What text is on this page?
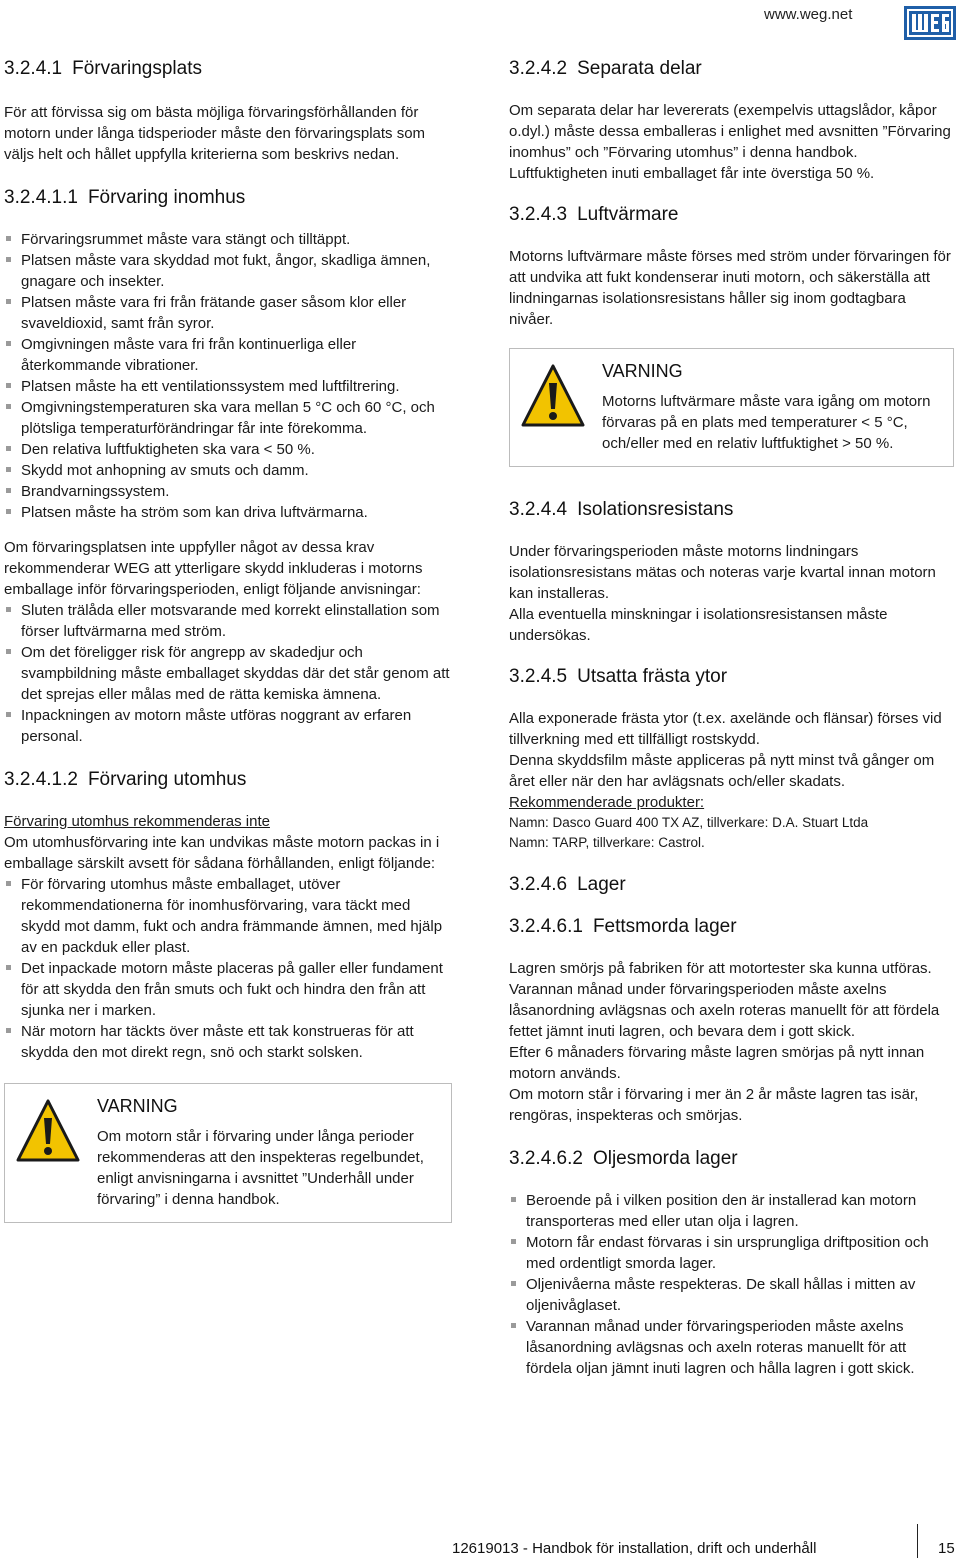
www.weg.net
3.2.4.1 Förvaringsplats

För att förvissa sig om bästa möjliga förvaringsförhållanden för motorn under långa tidsperioder måste den förvaringsplats som väljs helt och hållet uppfylla kriterierna som beskrivs nedan.

3.2.4.1.1 Förvaring inomhus
Förvaringsrummet måste vara stängt och tilltäppt.
Platsen måste vara skyddad mot fukt, ångor, skadliga ämnen, gnagare och insekter.
Platsen måste vara fri från frätande gaser såsom klor eller svaveldioxid, samt från syror.
Omgivningen måste vara fri från kontinuerliga eller återkommande vibrationer.
Platsen måste ha ett ventilationssystem med luftfiltrering.
Omgivningstemperaturen ska vara mellan 5 °C och 60 °C, och plötsliga temperaturförändringar får inte förekomma.
Den relativa luftfuktigheten ska vara < 50 %.
Skydd mot anhopning av smuts och damm.
Brandvarningssystem.
Platsen måste ha ström som kan driva luftvärmarna.

Om förvaringsplatsen inte uppfyller något av dessa krav rekommenderar WEG att ytterligare skydd inkluderas i motorns emballage inför förvaringsperioden, enligt följande anvisningar:

Sluten trälåda eller motsvarande med korrekt elinstallation som förser luftvärmarna med ström.
Om det föreligger risk för angrepp av skadedjur och svampbildning måste emballaget skyddas där det står genom att det sprejas eller målas med de rätta kemiska ämnena.
Inpackningen av motorn måste utföras noggrant av erfaren personal.
3.2.4.1.2 Förvaring utomhus

Förvaring utomhus rekommenderas inte

Om utomhusförvaring inte kan undvikas måste motorn packas in i emballage särskilt avsett för sådana förhållanden, enligt följande:

För förvaring utomhus måste emballaget, utöver rekommendationerna för inomhusförvaring, vara täckt med skydd mot damm, fukt och andra främmande ämnen, med hjälp av en packduk eller plast.
Det inpackade motorn måste placeras på galler eller fundament för att skydda den från smuts och fukt och hindra den från att sjunka ner i marken.
När motorn har täckts över måste ett tak konstrueras för att skydda den mot direkt regn, snö och starkt solsken.
VARNING

Om motorn står i förvaring under långa perioder rekommenderas att den inspekteras regelbundet, enligt anvisningarna i avsnittet ”Underhåll under förvaring” i denna handbok.

3.2.4.2 Separata delar

Om separata delar har levererats (exempelvis uttagslådor, kåpor o.dyl.) måste dessa emballeras i enlighet med avsnitten ”Förvaring inomhus” och ”Förvaring utomhus” i denna handbok.

Luftfuktigheten inuti emballaget får inte överstiga 50 %.

3.2.4.3 Luftvärmare

Motorns luftvärmare måste förses med ström under förvaringen för att undvika att fukt kondenserar inuti motorn, och säkerställa att lindningarnas isolationsresistans håller sig inom godtagbara nivåer.

VARNING

Motorns luftvärmare måste vara igång om motorn förvaras på en plats med temperaturer < 5 °C, och/eller med en relativ luftfuktighet > 50 %.

3.2.4.4 Isolationsresistans

Under förvaringsperioden måste motorns lindningars isolationsresistans mätas och noteras varje kvartal innan motorn kan installeras.

Alla eventuella minskningar i isolationsresistansen måste undersökas.

3.2.4.5 Utsatta frästa ytor

Alla exponerade frästa ytor (t.ex. axelände och flänsar) förses vid tillverkning med ett tillfälligt rostskydd.

Denna skyddsfilm måste appliceras på nytt minst två gånger om året eller när den har avlägsnats och/eller skadats.

Rekommenderade produkter:

Namn: Dasco Guard 400 TX AZ, tillverkare: D.A. Stuart Ltda

Namn: TARP, tillverkare: Castrol.

3.2.4.6 Lager
3.2.4.6.1 Fettsmorda lager

Lagren smörjs på fabriken för att motortester ska kunna utföras.

Varannan månad under förvaringsperioden måste axelns låsanordning avlägsnas och axeln roteras manuellt för att fördela fettet jämnt inuti lagren, och bevara dem i gott skick.

Efter 6 månaders förvaring måste lagren smörjas på nytt innan motorn används.

Om motorn står i förvaring i mer än 2 år måste lagren tas isär, rengöras, inspekteras och smörjas.

3.2.4.6.2 Oljesmorda lager
Beroende på i vilken position den är installerad kan motorn transporteras med eller utan olja i lagren.
Motorn får endast förvaras i sin ursprungliga driftposition och med ordentligt smorda lager.
Oljenivåerna måste respekteras. De skall hållas i mitten av oljenivåglaset.
Varannan månad under förvaringsperioden måste axelns låsanordning avlägsnas och axeln roteras manuellt för att fördela oljan jämnt inuti lagren och hålla lagren i gott skick.
12619013 - Handbok för installation, drift och underhåll	15
